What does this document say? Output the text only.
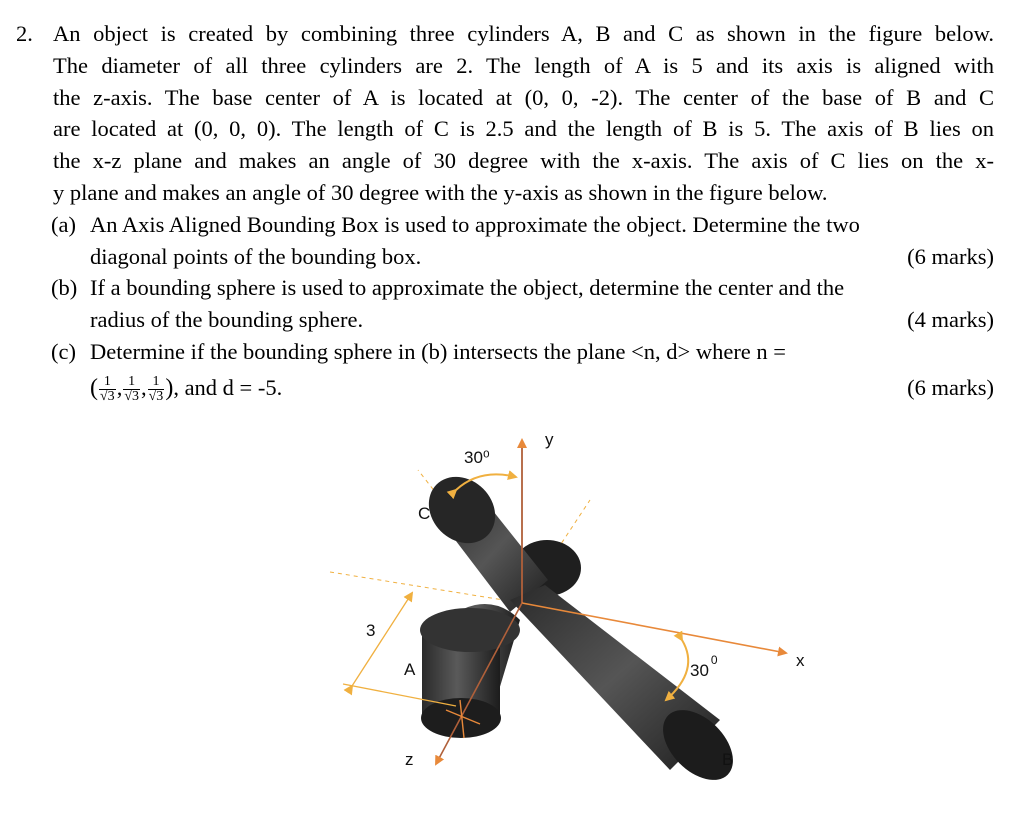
2. An object is created by combining three cylinders A, B and C as shown in the figure below.
The diameter of all three cylinders are 2. The length of A is 5 and its axis is aligned with
the z-axis. The base center of A is located at (0, 0, -2). The center of the base of B and C
are located at (0, 0, 0). The length of C is 2.5 and the length of B is 5. The axis of B lies on
the x-z plane and makes an angle of 30 degree with the x-axis. The axis of C lies on the x-
y plane and makes an angle of 30 degree with the y-axis as shown in the figure below.
(a) An Axis Aligned Bounding Box is used to approximate the object. Determine the two
diagonal points of the bounding box.	(6 marks)
(b) If a bounding sphere is used to approximate the object, determine the center and the
radius of the bounding sphere.	(4 marks)
(c) Determine if the bounding sphere in (b) intersects the plane <n, d> where n =
( $\frac{1}{√3}$ , $\frac{1}{√3}$ , $\frac{1}{√3}$ ), and d = -5.	(6 marks)
30⁰
y
C
3
A	$30^0$	x
z	B
